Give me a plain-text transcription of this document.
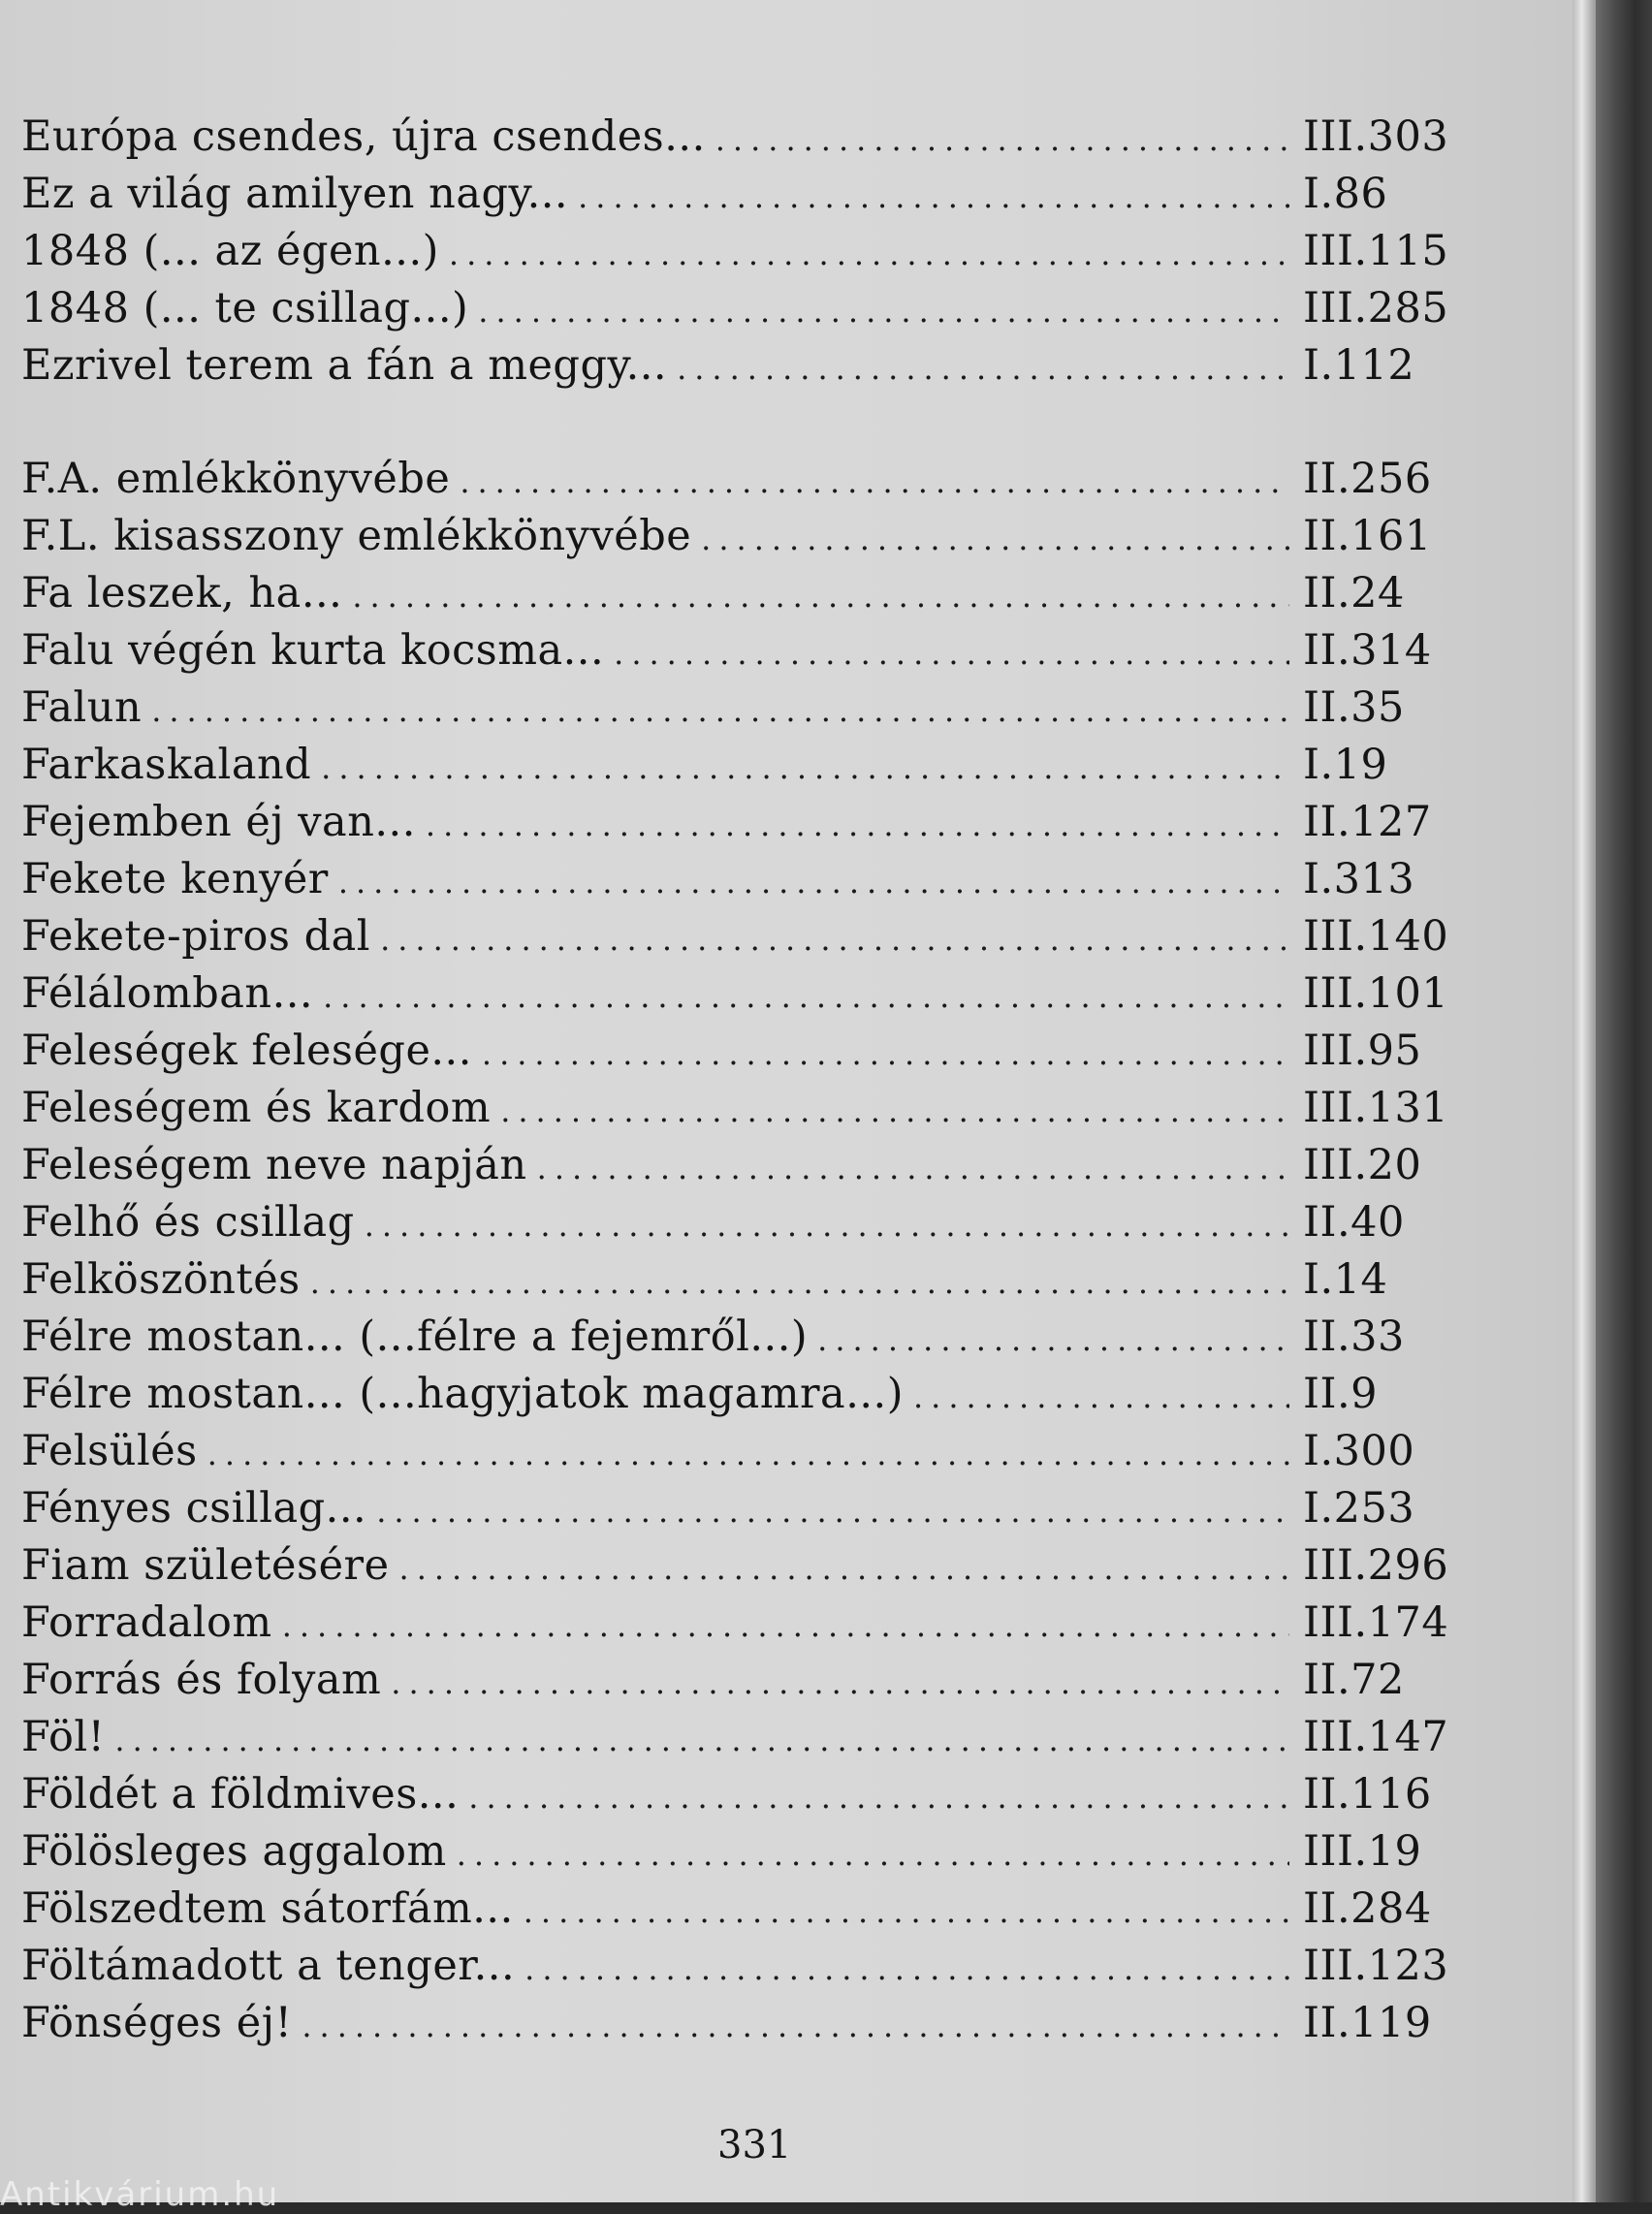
Európa csendes, újra csendes... .....	III.303
Ez a világ amilyen nagy... .....	I.86
1848 (... az égen...) .....	III.115
1848 (... te csillag...) .....	III.285
Ezrivel terem a fán a meggy... .....	I.112
F.A. emlékkönyvébe .....	II.256
F.L. kisasszony emlékkönyvébe .....	II.161
Fa leszek, ha... .....	II.24
Falu végén kurta kocsma... .....	II.314
Falun .....	II.35
Farkaskaland .....	I.19
Fejemben éj van... .....	II.127
Fekete kenyér .....	I.313
Fekete-piros dal .....	III.140
Félálomban... .....	III.101
Feleségek felesége... .....	III.95
Feleségem és kardom .....	III.131
Feleségem neve napján .....	III.20
Felhő és csillag .....	II.40
Felköszöntés .....	I.14
Félre mostan... (...félre a fejemről...) .....	II.33
Félre mostan... (...hagyjatok magamra...) .....	II.9
Felsülés .....	I.300
Fényes csillag... .....	I.253
Fiam születésére .....	III.296
Forradalom .....	III.174
Forrás és folyam .....	II.72
Föl! .....	III.147
Földét a földmives... .....	II.116
Fölösleges aggalom .....	III.19
Fölszedtem sátorfám... .....	II.284
Föltámadott a tenger... .....	III.123
Fönséges éj! .....	II.119
331
Antikvárium.hu
